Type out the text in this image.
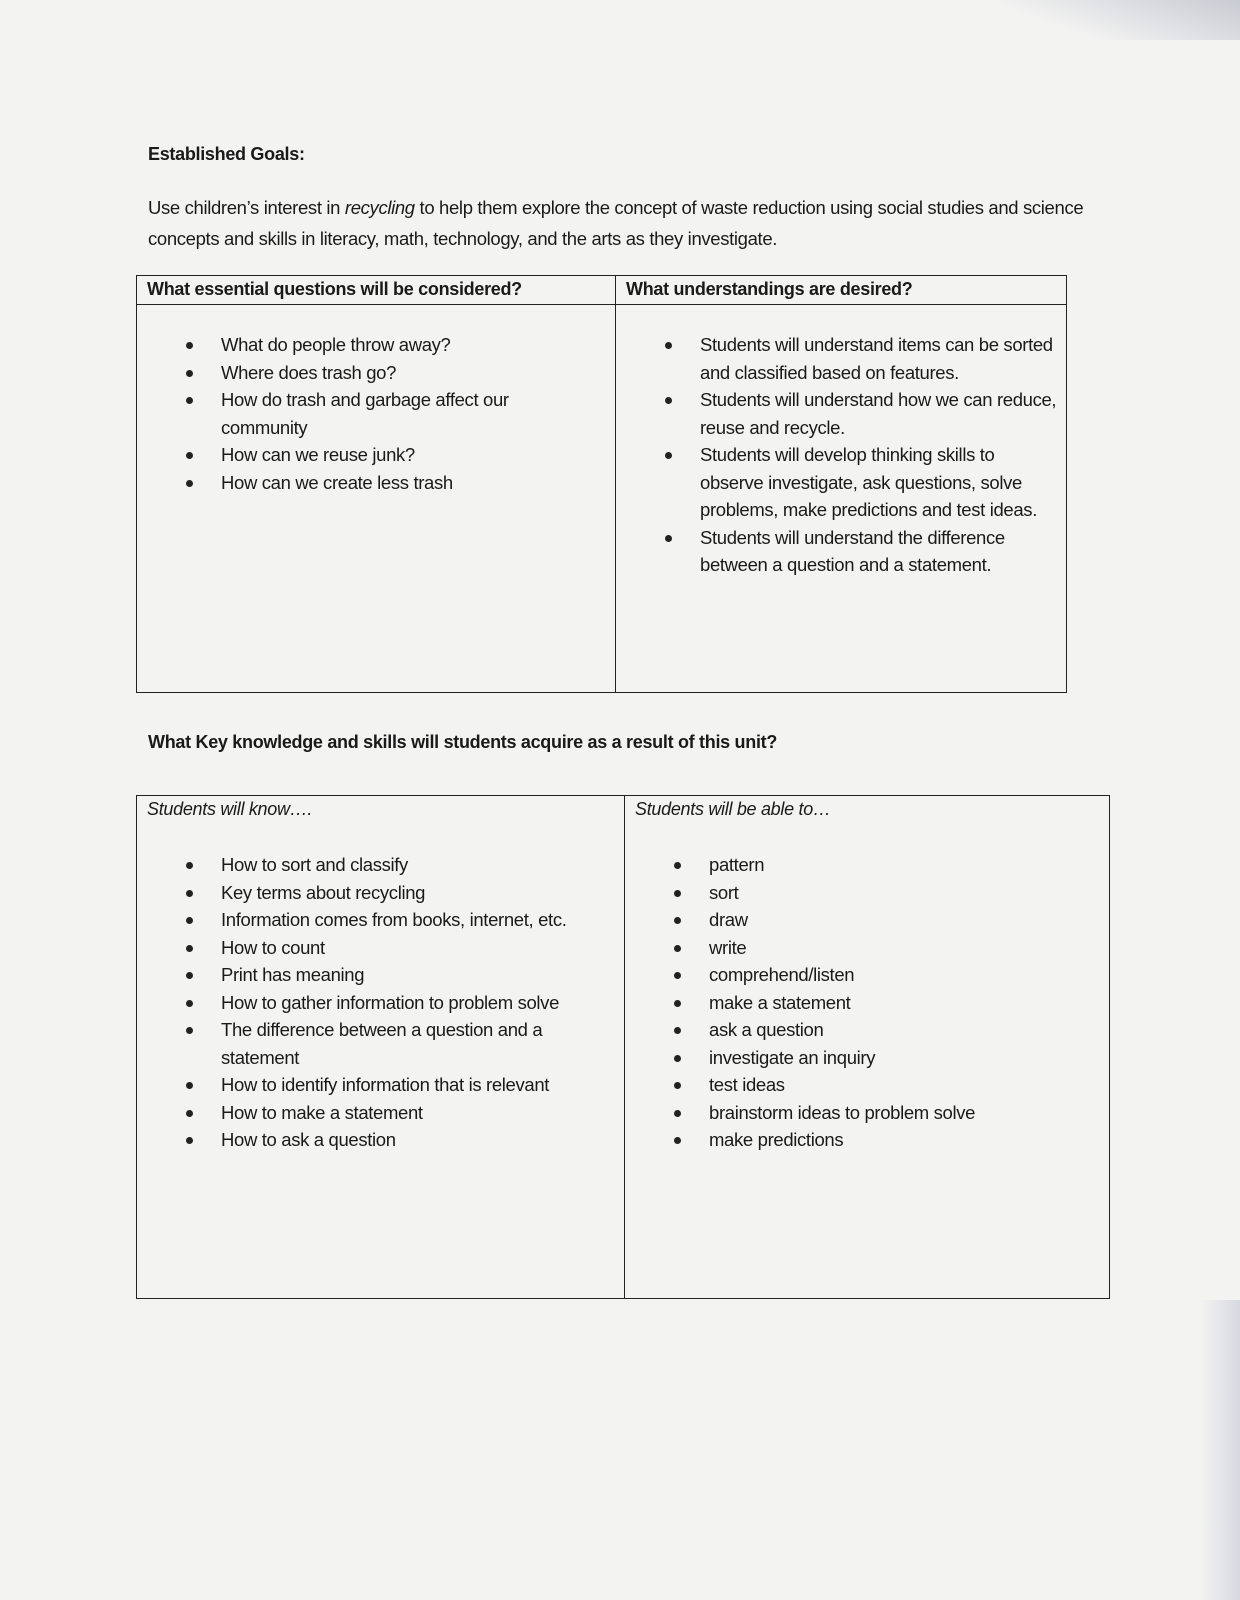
Established Goals:
Use children’s interest in recycling to help them explore the concept of waste reduction using social studies and science concepts and skills in literacy, math, technology, and the arts as they investigate.
What essential questions will be considered?
What do people throw away?
Where does trash go?
How do trash and garbage affect our community
How can we reuse junk?
How can we create less trash
What understandings are desired?
Students will understand items can be sorted and classified based on features.
Students will understand how we can reduce, reuse and recycle.
Students will develop thinking skills to observe investigate, ask questions, solve problems, make predictions and test ideas.
Students will understand the difference between a question and a statement.
What Key knowledge and skills will students acquire as a result of this unit?
Students will know….
How to sort and classify
Key terms about recycling
Information comes from books, internet, etc.
How to count
Print has meaning
How to gather information to problem solve
The difference between a question and a statement
How to identify information that is relevant
How to make a statement
How to ask a question
Students will be able to…
pattern
sort
draw
write
comprehend/listen
make a statement
ask a question
investigate an inquiry
test ideas
brainstorm ideas to problem solve
make predictions
